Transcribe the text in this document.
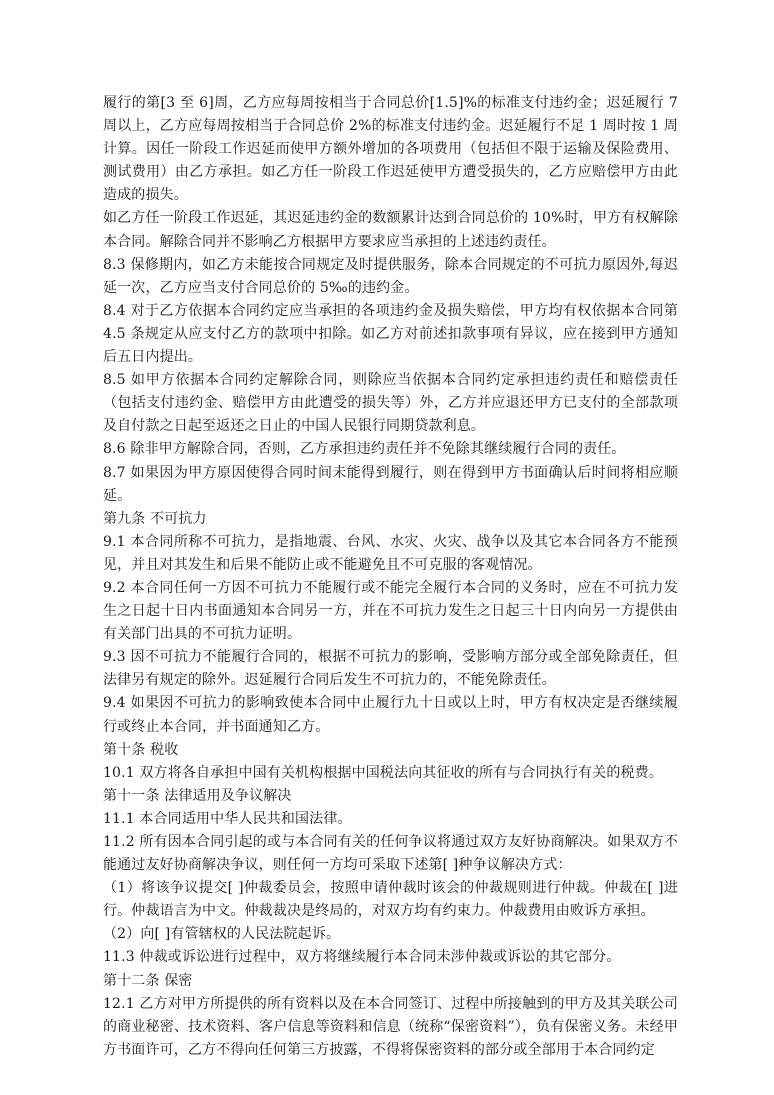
履行的第[3 至 6]周，乙方应每周按相当于合同总价[1.5]%的标准支付违约金；迟延履行 7 周以上，乙方应每周按相当于合同总价 2%的标准支付违约金。迟延履行不足 1 周时按 1 周计算。因任一阶段工作迟延而使甲方额外增加的各项费用（包括但不限于运输及保险费用、测试费用）由乙方承担。如乙方任一阶段工作迟延使甲方遭受损失的，乙方应赔偿甲方由此造成的损失。

如乙方任一阶段工作迟延，其迟延违约金的数额累计达到合同总价的 10%时，甲方有权解除本合同。解除合同并不影响乙方根据甲方要求应当承担的上述违约责任。

8.3 保修期内，如乙方未能按合同规定及时提供服务，除本合同规定的不可抗力原因外,每迟延一次，乙方应当支付合同总价的 5‰的违约金。

8.4 对于乙方依据本合同约定应当承担的各项违约金及损失赔偿，甲方均有权依据本合同第 4.5 条规定从应支付乙方的款项中扣除。如乙方对前述扣款事项有异议，应在接到甲方通知后五日内提出。

8.5 如甲方依据本合同约定解除合同，则除应当依据本合同约定承担违约责任和赔偿责任（包括支付违约金、赔偿甲方由此遭受的损失等）外，乙方并应退还甲方已支付的全部款项及自付款之日起至返还之日止的中国人民银行同期贷款利息。

8.6 除非甲方解除合同，否则，乙方承担违约责任并不免除其继续履行合同的责任。

8.7 如果因为甲方原因使得合同时间未能得到履行，则在得到甲方书面确认后时间将相应顺延。

第九条 不可抗力

9.1 本合同所称不可抗力，是指地震、台风、水灾、火灾、战争以及其它本合同各方不能预见，并且对其发生和后果不能防止或不能避免且不可克服的客观情况。

9.2 本合同任何一方因不可抗力不能履行或不能完全履行本合同的义务时，应在不可抗力发生之日起十日内书面通知本合同另一方，并在不可抗力发生之日起三十日内向另一方提供由有关部门出具的不可抗力证明。

9.3 因不可抗力不能履行合同的，根据不可抗力的影响，受影响方部分或全部免除责任，但法律另有规定的除外。迟延履行合同后发生不可抗力的，不能免除责任。

9.4 如果因不可抗力的影响致使本合同中止履行九十日或以上时，甲方有权决定是否继续履行或终止本合同，并书面通知乙方。

第十条 税收

10.1 双方将各自承担中国有关机构根据中国税法向其征收的所有与合同执行有关的税费。

第十一条 法律适用及争议解决

11.1 本合同适用中华人民共和国法律。

11.2 所有因本合同引起的或与本合同有关的任何争议将通过双方友好协商解决。如果双方不能通过友好协商解决争议，则任何一方均可采取下述第[ ]种争议解决方式：

（1）将该争议提交[ ]仲裁委员会，按照申请仲裁时该会的仲裁规则进行仲裁。仲裁在[ ]进行。仲裁语言为中文。仲裁裁决是终局的，对双方均有约束力。仲裁费用由败诉方承担。

（2）向[ ]有管辖权的人民法院起诉。

11.3 仲裁或诉讼进行过程中，双方将继续履行本合同未涉仲裁或诉讼的其它部分。

第十二条 保密

12.1 乙方对甲方所提供的所有资料以及在本合同签订、过程中所接触到的甲方及其关联公司的商业秘密、技术资料、客户信息等资料和信息（统称“保密资料”），负有保密义务。未经甲方书面许可，乙方不得向任何第三方披露，不得将保密资料的部分或全部用于本合同约定
